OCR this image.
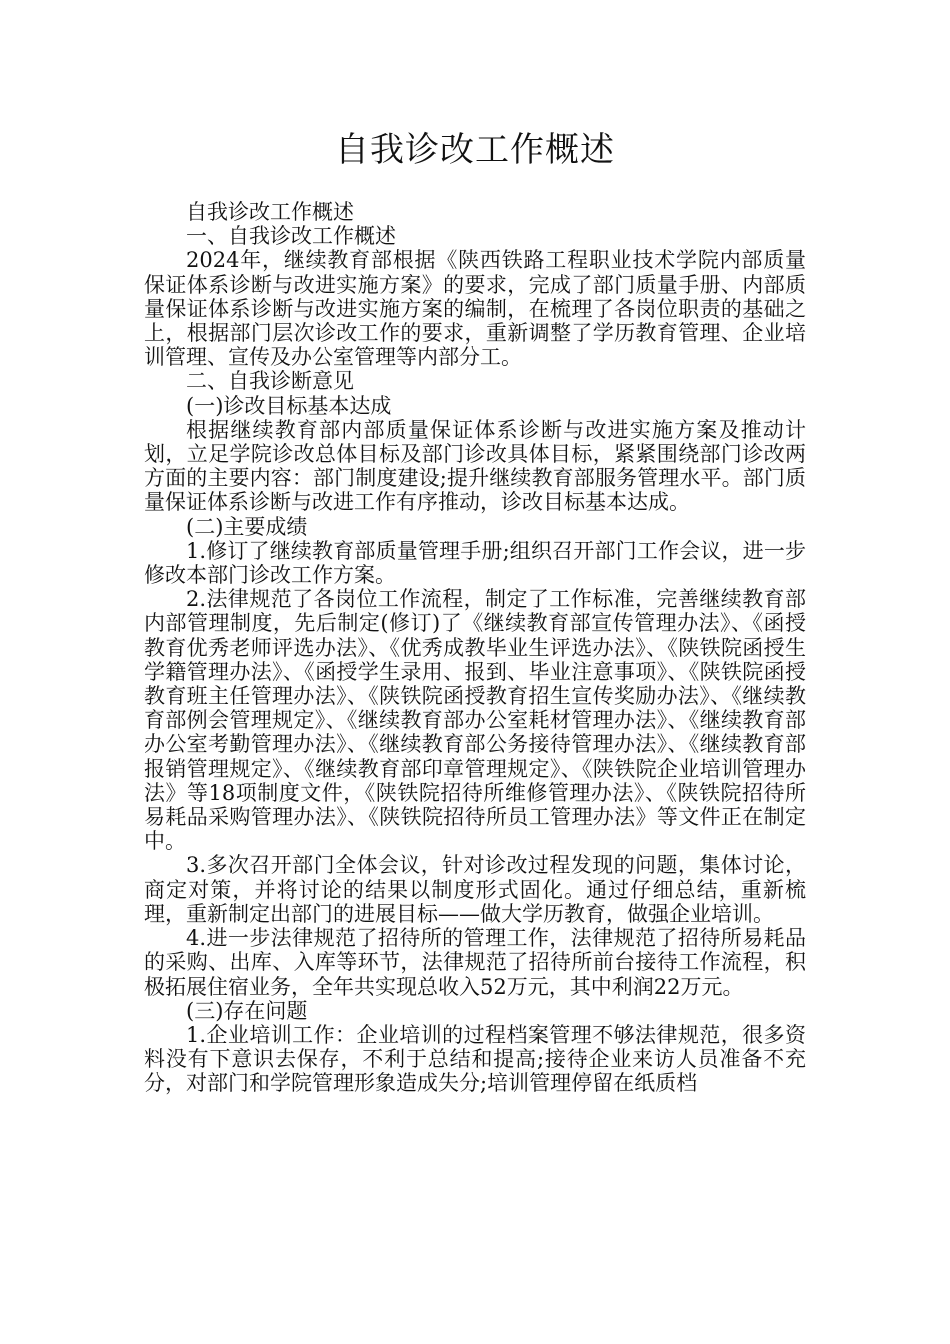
自我诊改工作概述

自我诊改工作概述

一、自我诊改工作概述

2024年，继续教育部根据《陕西铁路工程职业技术学院内部质量保证体系诊断与改进实施方案》的要求，完成了部门质量手册、内部质量保证体系诊断与改进实施方案的编制，在梳理了各岗位职责的基础之上，根据部门层次诊改工作的要求，重新调整了学历教育管理、企业培训管理、宣传及办公室管理等内部分工。

二、自我诊断意见

(一)诊改目标基本达成

根据继续教育部内部质量保证体系诊断与改进实施方案及推动计划，立足学院诊改总体目标及部门诊改具体目标，紧紧围绕部门诊改两方面的主要内容：部门制度建设;提升继续教育部服务管理水平。部门质量保证体系诊断与改进工作有序推动，诊改目标基本达成。

(二)主要成绩

1.修订了继续教育部质量管理手册;组织召开部门工作会议，进一步修改本部门诊改工作方案。

2.法律规范了各岗位工作流程，制定了工作标准，完善继续教育部内部管理制度，先后制定(修订)了《继续教育部宣传管理办法》、《函授教育优秀老师评选办法》、《优秀成教毕业生评选办法》、《陕铁院函授生学籍管理办法》、《函授学生录用、报到、毕业注意事项》、《陕铁院函授教育班主任管理办法》、《陕铁院函授教育招生宣传奖励办法》、《继续教育部例会管理规定》、《继续教育部办公室耗材管理办法》、《继续教育部办公室考勤管理办法》、《继续教育部公务接待管理办法》、《继续教育部报销管理规定》、《继续教育部印章管理规定》、《陕铁院企业培训管理办法》等18项制度文件，《陕铁院招待所维修管理办法》、《陕铁院招待所易耗品采购管理办法》、《陕铁院招待所员工管理办法》等文件正在制定中。

3.多次召开部门全体会议，针对诊改过程发现的问题，集体讨论，商定对策，并将讨论的结果以制度形式固化。通过仔细总结，重新梳理，重新制定出部门的进展目标——做大学历教育，做强企业培训。

4.进一步法律规范了招待所的管理工作，法律规范了招待所易耗品的采购、出库、入库等环节，法律规范了招待所前台接待工作流程，积极拓展住宿业务，全年共实现总收入52万元，其中利润22万元。

(三)存在问题

1.企业培训工作：企业培训的过程档案管理不够法律规范，很多资料没有下意识去保存，不利于总结和提高;接待企业来访人员准备不充分，对部门和学院管理形象造成失分;培训管理停留在纸质档
